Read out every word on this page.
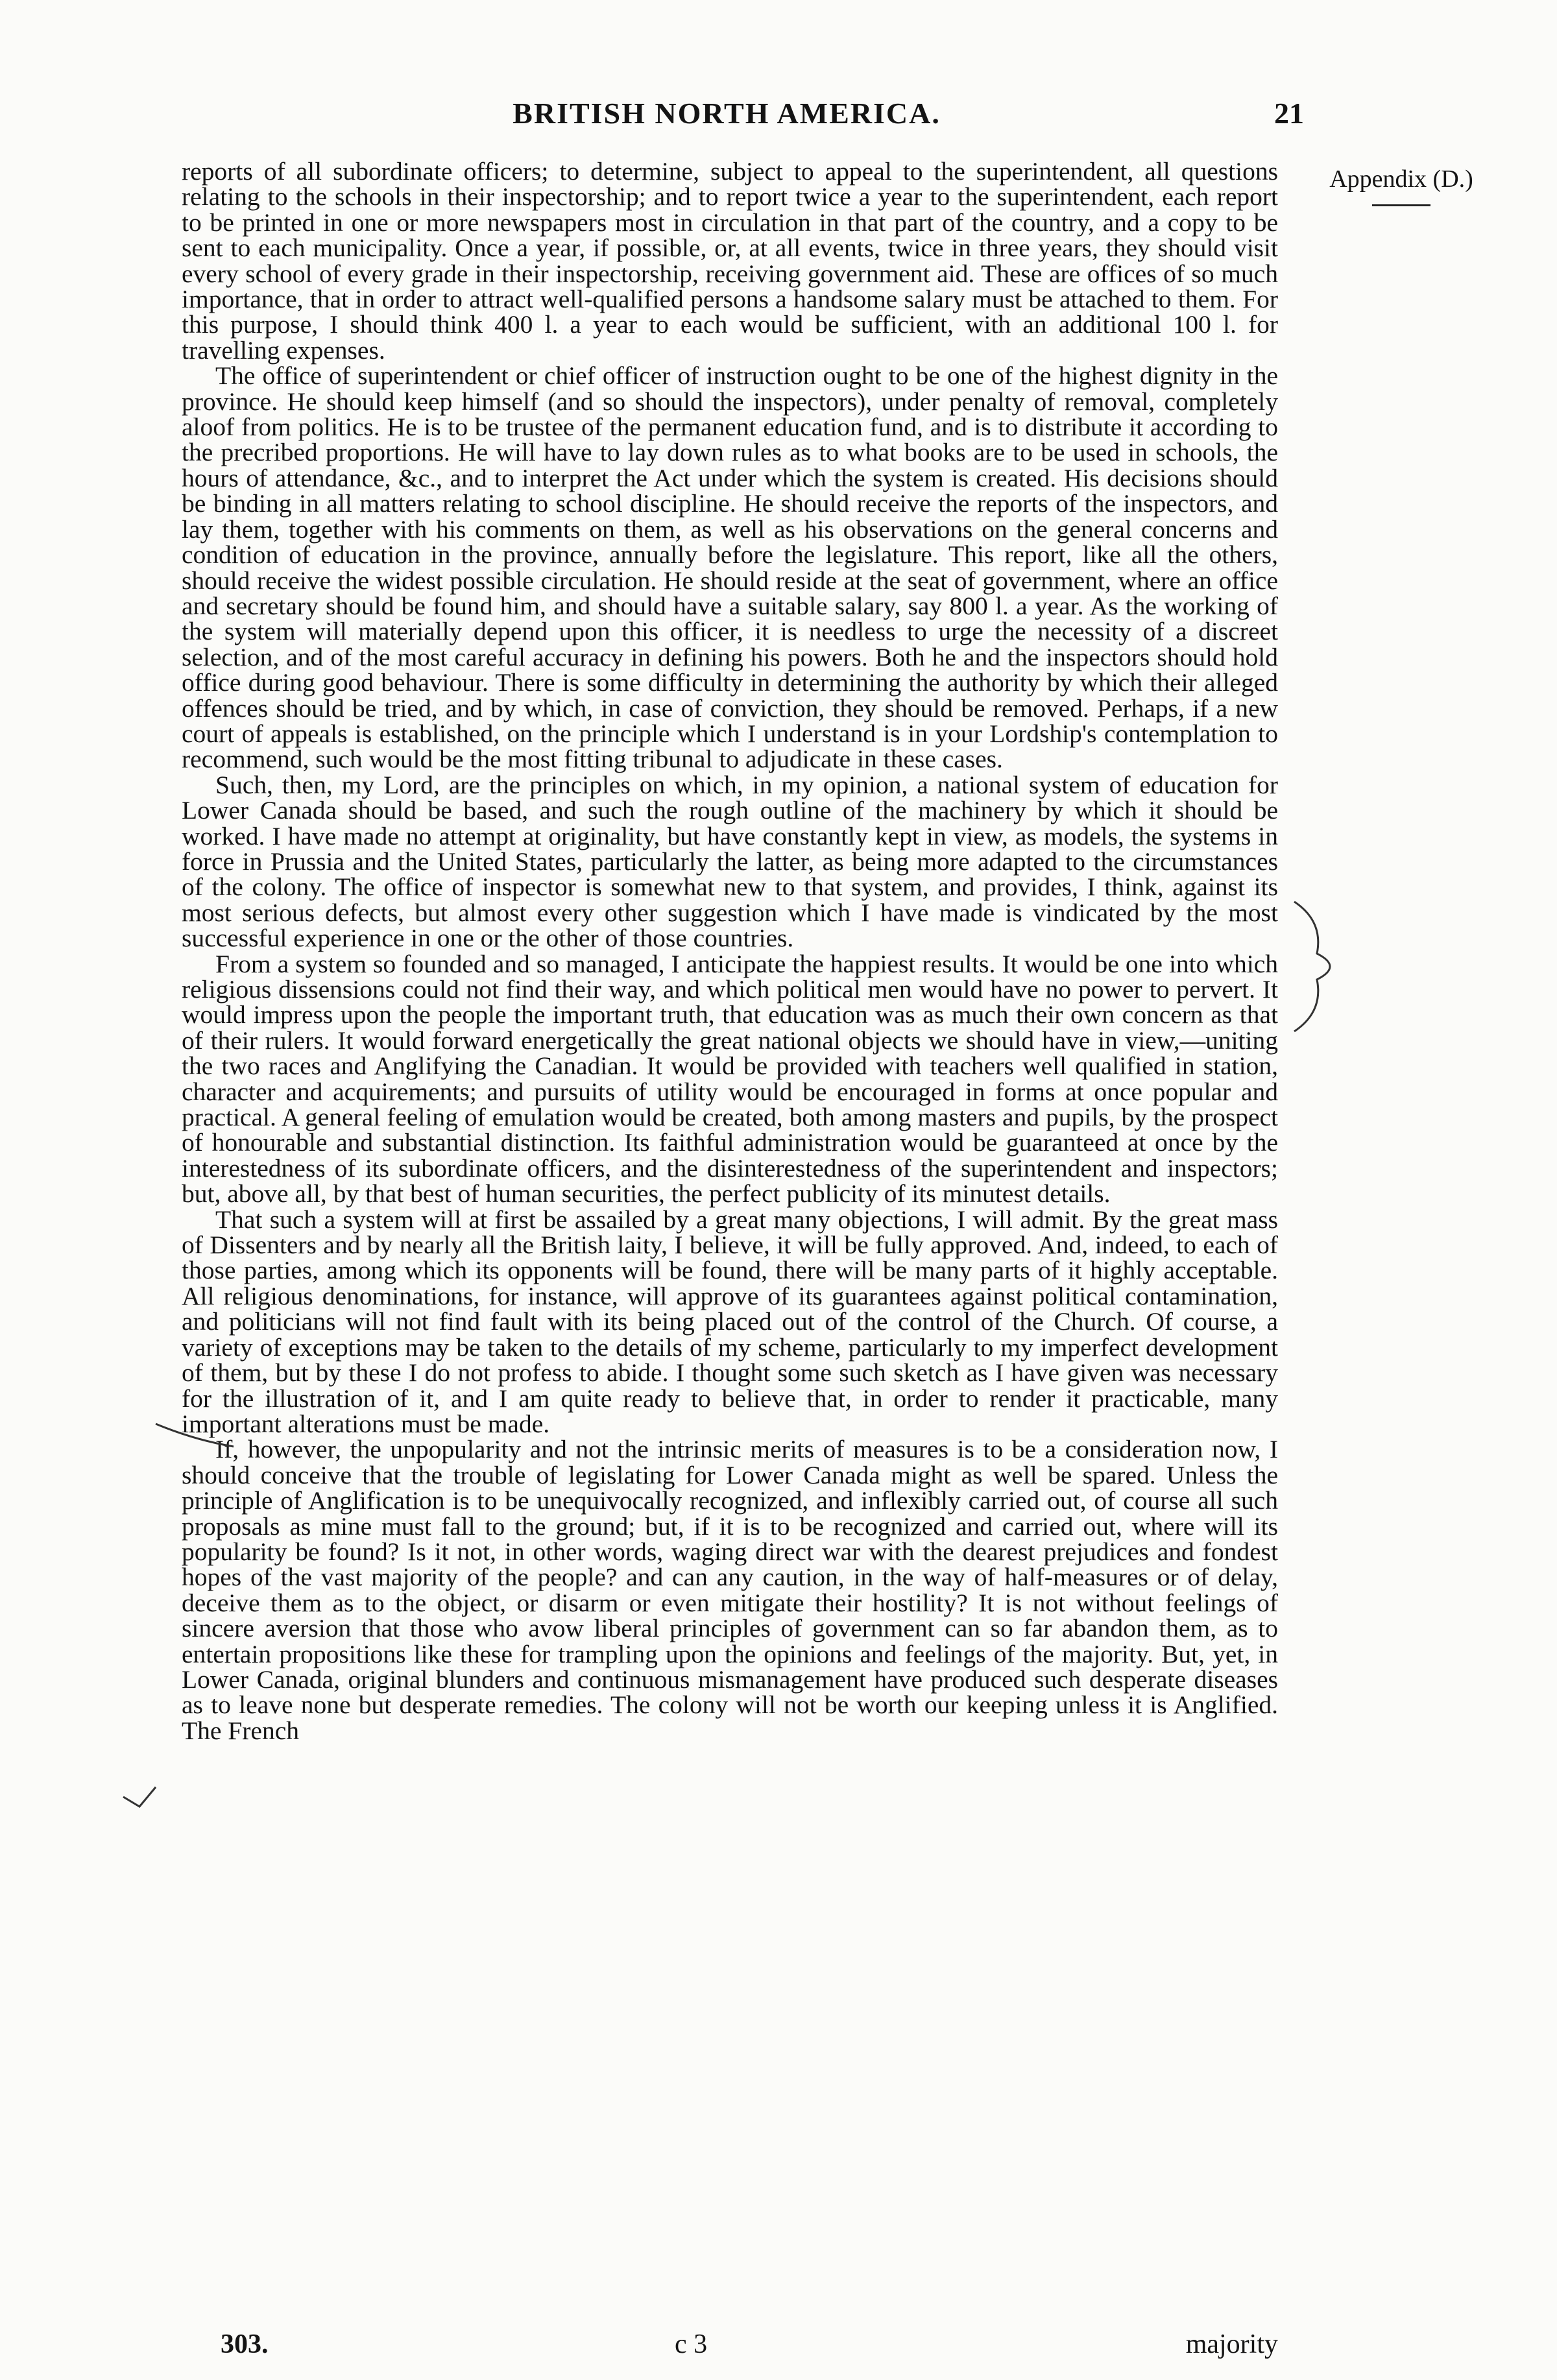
BRITISH NORTH AMERICA.	21
Appendix (D.)

reports of all subordinate officers; to determine, subject to appeal to the superintendent, all questions relating to the schools in their inspectorship; and to report twice a year to the superintendent, each report to be printed in one or more newspapers most in circulation in that part of the country, and a copy to be sent to each municipality. Once a year, if possible, or, at all events, twice in three years, they should visit every school of every grade in their inspectorship, receiving government aid. These are offices of so much importance, that in order to attract well-qualified persons a handsome salary must be attached to them. For this purpose, I should think 400 l. a year to each would be sufficient, with an additional 100 l. for travelling expenses.

The office of superintendent or chief officer of instruction ought to be one of the highest dignity in the province. He should keep himself (and so should the inspectors), under penalty of removal, completely aloof from politics. He is to be trustee of the permanent education fund, and is to distribute it according to the precribed proportions. He will have to lay down rules as to what books are to be used in schools, the hours of attendance, &c., and to interpret the Act under which the system is created. His decisions should be binding in all matters relating to school discipline. He should receive the reports of the inspectors, and lay them, together with his comments on them, as well as his observations on the general concerns and condition of education in the province, annually before the legislature. This report, like all the others, should receive the widest possible circulation. He should reside at the seat of government, where an office and secretary should be found him, and should have a suitable salary, say 800 l. a year. As the working of the system will materially depend upon this officer, it is needless to urge the necessity of a discreet selection, and of the most careful accuracy in defining his powers. Both he and the inspectors should hold office during good behaviour. There is some difficulty in determining the authority by which their alleged offences should be tried, and by which, in case of conviction, they should be removed. Perhaps, if a new court of appeals is established, on the principle which I understand is in your Lordship's contemplation to recommend, such would be the most fitting tribunal to adjudicate in these cases.

Such, then, my Lord, are the principles on which, in my opinion, a national system of education for Lower Canada should be based, and such the rough outline of the machinery by which it should be worked. I have made no attempt at originality, but have constantly kept in view, as models, the systems in force in Prussia and the United States, particularly the latter, as being more adapted to the circumstances of the colony. The office of inspector is somewhat new to that system, and provides, I think, against its most serious defects, but almost every other suggestion which I have made is vindicated by the most successful experience in one or the other of those countries.

From a system so founded and so managed, I anticipate the happiest results. It would be one into which religious dissensions could not find their way, and which political men would have no power to pervert. It would impress upon the people the important truth, that education was as much their own concern as that of their rulers. It would forward energetically the great national objects we should have in view,—uniting the two races and Anglifying the Canadian. It would be provided with teachers well qualified in station, character and acquirements; and pursuits of utility would be encouraged in forms at once popular and practical. A general feeling of emulation would be created, both among masters and pupils, by the prospect of honourable and substantial distinction. Its faithful administration would be guaranteed at once by the interestedness of its subordinate officers, and the disinterestedness of the superintendent and inspectors; but, above all, by that best of human securities, the perfect publicity of its minutest details.

That such a system will at first be assailed by a great many objections, I will admit. By the great mass of Dissenters and by nearly all the British laity, I believe, it will be fully approved. And, indeed, to each of those parties, among which its opponents will be found, there will be many parts of it highly acceptable. All religious denominations, for instance, will approve of its guarantees against political contamination, and politicians will not find fault with its being placed out of the control of the Church. Of course, a variety of exceptions may be taken to the details of my scheme, particularly to my imperfect development of them, but by these I do not profess to abide. I thought some such sketch as I have given was necessary for the illustration of it, and I am quite ready to believe that, in order to render it practicable, many important alterations must be made.

If, however, the unpopularity and not the intrinsic merits of measures is to be a consideration now, I should conceive that the trouble of legislating for Lower Canada might as well be spared. Unless the principle of Anglification is to be unequivocally recognized, and inflexibly carried out, of course all such proposals as mine must fall to the ground; but, if it is to be recognized and carried out, where will its popularity be found? Is it not, in other words, waging direct war with the dearest prejudices and fondest hopes of the vast majority of the people? and can any caution, in the way of half-measures or of delay, deceive them as to the object, or disarm or even mitigate their hostility? It is not without feelings of sincere aversion that those who avow liberal principles of government can so far abandon them, as to entertain propositions like these for trampling upon the opinions and feelings of the majority. But, yet, in Lower Canada, original blunders and continuous mismanagement have produced such desperate diseases as to leave none but desperate remedies. The colony will not be worth our keeping unless it is Anglified. The French

303.	c 3	majority
